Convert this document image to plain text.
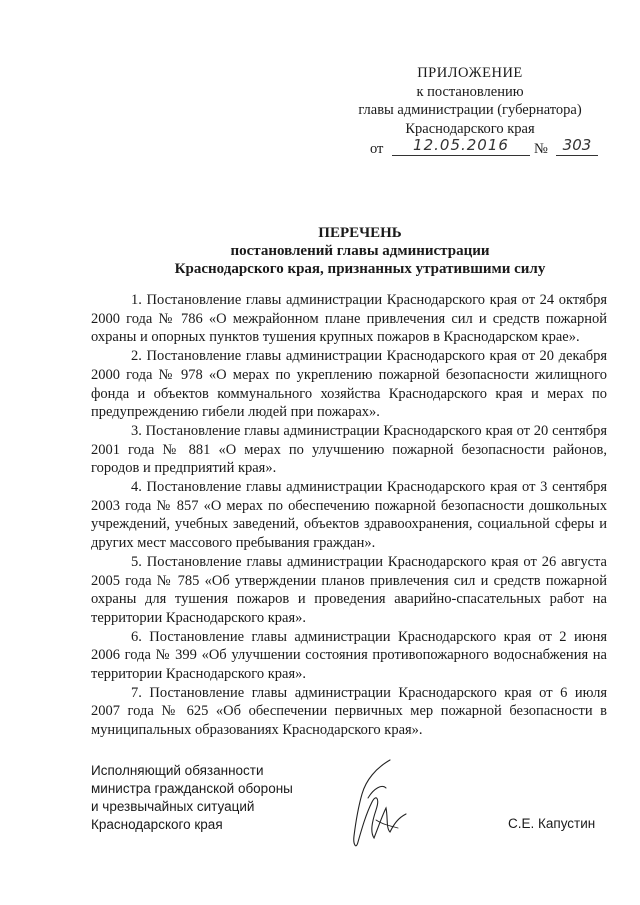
ПРИЛОЖЕНИЕ
к постановлению
главы администрации (губернатора)
Краснодарского края
от	12.05.2016	№ 303
ПЕРЕЧЕНЬ
постановлений главы администрации
Краснодарского края, признанных утратившими силу

1. Постановление главы администрации Краснодарского края от 24 октября 2000 года № 786 «О межрайонном плане привлечения сил и средств пожарной охраны и опорных пунктов тушения крупных пожаров в Краснодарском крае».

2. Постановление главы администрации Краснодарского края от 20 декабря 2000 года № 978 «О мерах по укреплению пожарной безопасности жилищного фонда и объектов коммунального хозяйства Краснодарского края и мерах по предупреждению гибели людей при пожарах».

3. Постановление главы администрации Краснодарского края от 20 сентября 2001 года № 881 «О мерах по улучшению пожарной безопасности районов, городов и предприятий края».

4. Постановление главы администрации Краснодарского края от 3 сентября 2003 года № 857 «О мерах по обеспечению пожарной безопасности дошкольных учреждений, учебных заведений, объектов здравоохранения, социальной сферы и других мест массового пребывания граждан».

5. Постановление главы администрации Краснодарского края от 26 августа 2005 года № 785 «Об утверждении планов привлечения сил и средств пожарной охраны для тушения пожаров и проведения аварийно-спасательных работ на территории Краснодарского края».

6. Постановление главы администрации Краснодарского края от 2 июня 2006 года № 399 «Об улучшении состояния противопожарного водоснабжения на территории Краснодарского края».

7. Постановление главы администрации Краснодарского края от 6 июля 2007 года № 625 «Об обеспечении первичных мер пожарной безопасности в муниципальных образованиях Краснодарского края».

Исполняющий обязанности
министра гражданской обороны
и чрезвычайных ситуаций
Краснодарского края	С.Е. Капустин
